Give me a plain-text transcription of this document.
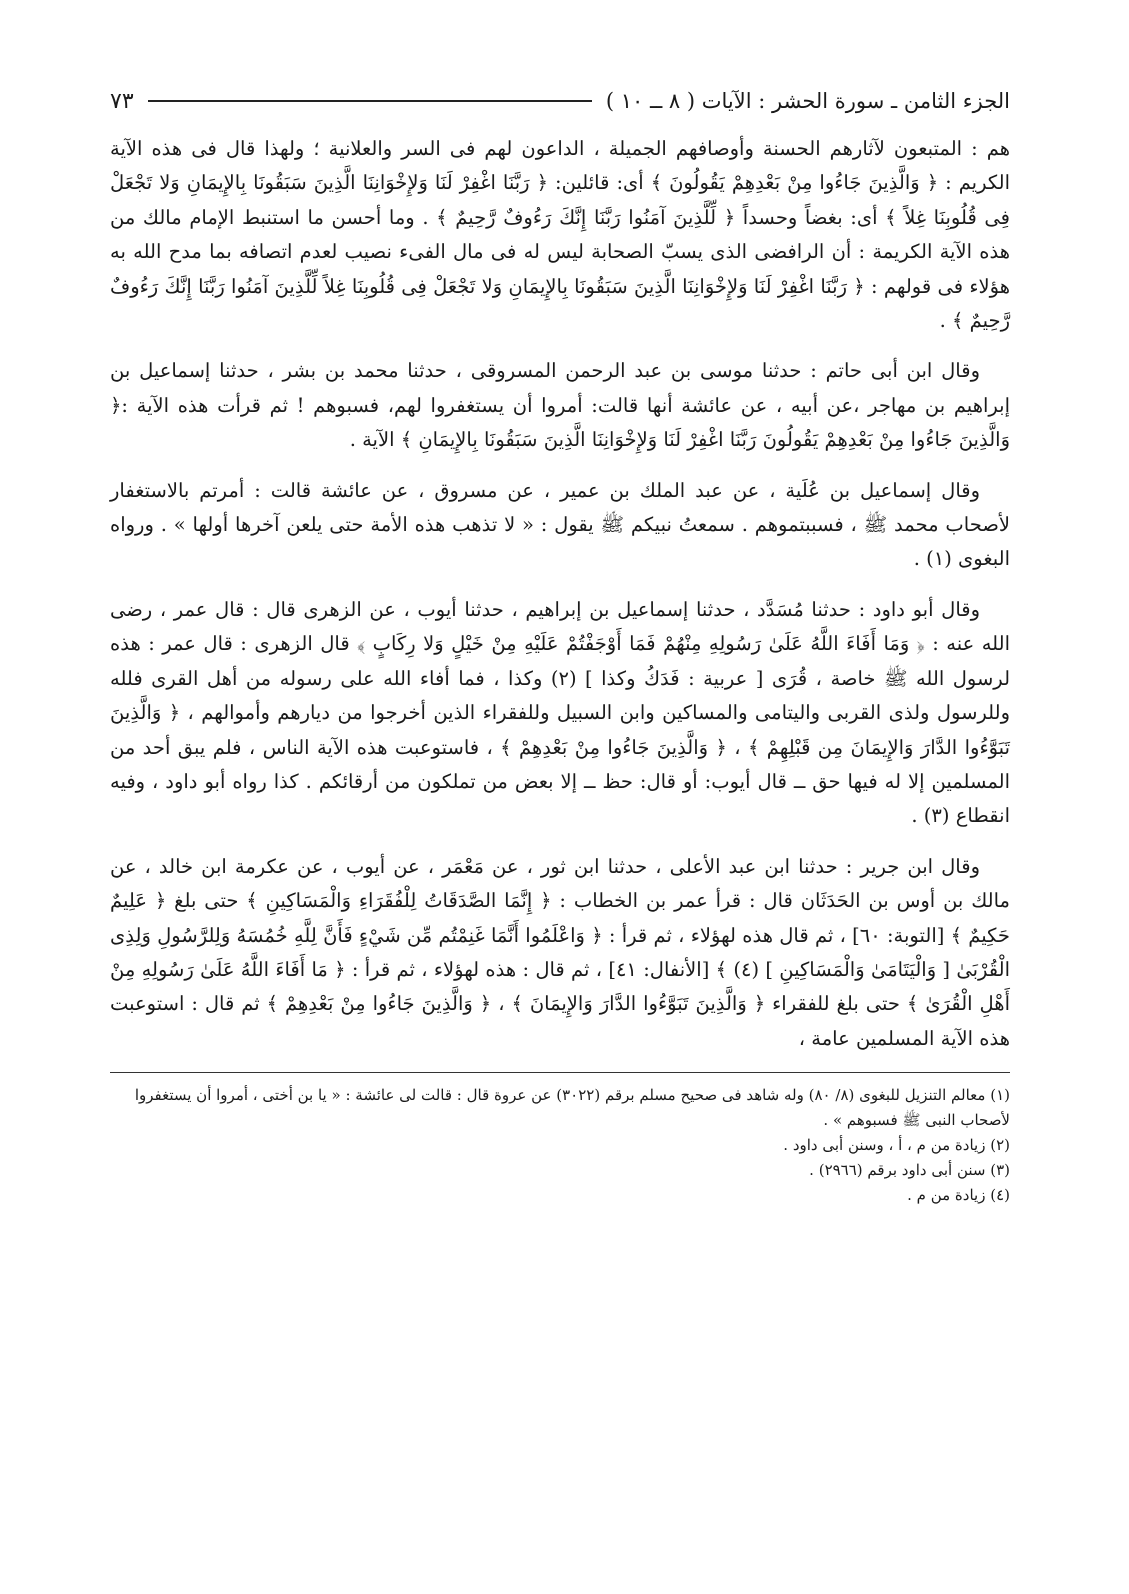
الجزء الثامن ـ سورة الحشر : الآيات ( ٨ ــ ١٠ )
٧٣

هم : المتبعون لآثارهم الحسنة وأوصافهم الجميلة ، الداعون لهم فى السر والعلانية ؛ ولهذا قال فى هذه الآية الكريم : ﴿ وَالَّذِينَ جَاءُوا مِنْ بَعْدِهِمْ يَقُولُونَ ﴾ أى: قائلين: ﴿ رَبَّنَا اغْفِرْ لَنَا وَلإِخْوَانِنَا الَّذِينَ سَبَقُونَا بِالإِيمَانِ وَلا تَجْعَلْ فِى قُلُوبِنَا غِلاً ﴾ أى: بغضاً وحسداً ﴿ لِّلَّذِينَ آمَنُوا رَبَّنَا إِنَّكَ رَءُوفٌ رَّحِيمٌ ﴾ . وما أحسن ما استنبط الإمام مالك من هذه الآية الكريمة : أن الرافضى الذى يسبّ الصحابة ليس له فى مال الفىء نصيب لعدم اتصافه بما مدح الله به هؤلاء فى قولهم : ﴿ رَبَّنَا اغْفِرْ لَنَا وَلإِخْوَانِنَا الَّذِينَ سَبَقُونَا بِالإِيمَانِ وَلا تَجْعَلْ فِى قُلُوبِنَا غِلاً لِّلَّذِينَ آمَنُوا رَبَّنَا إِنَّكَ رَءُوفٌ رَّحِيمٌ ﴾ .

وقال ابن أبى حاتم : حدثنا موسى بن عبد الرحمن المسروقى ، حدثنا محمد بن بشر ، حدثنا إسماعيل بن إبراهيم بن مهاجر ،عن أبيه ، عن عائشة أنها قالت: أمروا أن يستغفروا لهم، فسبوهم ! ثم قرأت هذه الآية :﴿ وَالَّذِينَ جَاءُوا مِنْ بَعْدِهِمْ يَقُولُونَ رَبَّنَا اغْفِرْ لَنَا وَلإِخْوَانِنَا الَّذِينَ سَبَقُونَا بِالإِيمَانِ ﴾ الآية .

وقال إسماعيل بن عُلَية ، عن عبد الملك بن عمير ، عن مسروق ، عن عائشة قالت : أمرتم بالاستغفار لأصحاب محمد ﷺ ، فسببتموهم . سمعتُ نبيكم ﷺ يقول : « لا تذهب هذه الأمة حتى يلعن آخرها أولها » . ورواه البغوى (١) .

وقال أبو داود : حدثنا مُسَدَّد ، حدثنا إسماعيل بن إبراهيم ، حدثنا أيوب ، عن الزهرى قال : قال عمر ، رضى الله عنه : ﴿ وَمَا أَفَاءَ اللَّهُ عَلَىٰ رَسُولِهِ مِنْهُمْ فَمَا أَوْجَفْتُمْ عَلَيْهِ مِنْ خَيْلٍ وَلا رِكَابٍ ﴾ قال الزهرى : قال عمر : هذه لرسول الله ﷺ خاصة ، قُرَى [ عربية : فَدَكُ وكذا ] (٢) وكذا ، فما أفاء الله على رسوله من أهل القرى فلله وللرسول ولذى القربى واليتامى والمساكين وابن السبيل وللفقراء الذين أخرجوا من ديارهم وأموالهم ، ﴿ وَالَّذِينَ تَبَوَّءُوا الدَّارَ وَالإِيمَانَ مِن قَبْلِهِمْ ﴾ ، ﴿ وَالَّذِينَ جَاءُوا مِنْ بَعْدِهِمْ ﴾ ، فاستوعبت هذه الآية الناس ، فلم يبق أحد من المسلمين إلا له فيها حق ــ قال أيوب: أو قال: حظ ــ إلا بعض من تملكون من أرقائكم . كذا رواه أبو داود ، وفيه انقطاع (٣) .

وقال ابن جرير : حدثنا ابن عبد الأعلى ، حدثنا ابن ثور ، عن مَعْمَر ، عن أيوب ، عن عكرمة ابن خالد ، عن مالك بن أوس بن الحَدَثَان قال : قرأ عمر بن الخطاب : ﴿ إِنَّمَا الصَّدَقَاتُ لِلْفُقَرَاءِ وَالْمَسَاكِينِ ﴾ حتى بلغ ﴿ عَلِيمٌ حَكِيمٌ ﴾ [التوبة: ٦٠] ، ثم قال هذه لهؤلاء ، ثم قرأ : ﴿ وَاعْلَمُوا أَنَّمَا غَنِمْتُم مِّن شَيْءٍ فَأَنَّ لِلَّهِ خُمُسَهُ وَلِلرَّسُولِ وَلِذِى الْقُرْبَىٰ [ وَالْيَتَامَىٰ وَالْمَسَاكِينِ ] (٤) ﴾ [الأنفال: ٤١] ، ثم قال : هذه لهؤلاء ، ثم قرأ : ﴿ مَا أَفَاءَ اللَّهُ عَلَىٰ رَسُولِهِ مِنْ أَهْلِ الْقُرَىٰ ﴾ حتى بلغ للفقراء ﴿ وَالَّذِينَ تَبَوَّءُوا الدَّارَ وَالإِيمَانَ ﴾ ، ﴿ وَالَّذِينَ جَاءُوا مِنْ بَعْدِهِمْ ﴾ ثم قال : استوعبت هذه الآية المسلمين عامة ،

(١) معالم التنزيل للبغوى (٨/ ٨٠) وله شاهد فى صحيح مسلم برقم (٣٠٢٢) عن عروة قال : قالت لى عائشة : « يا بن أختى ، أمروا أن يستغفروا لأصحاب النبى ﷺ فسبوهم » .

(٢) زيادة من م ، أ ، وسنن أبى داود .

(٣) سنن أبى داود برقم (٢٩٦٦) .

(٤) زيادة من م .
